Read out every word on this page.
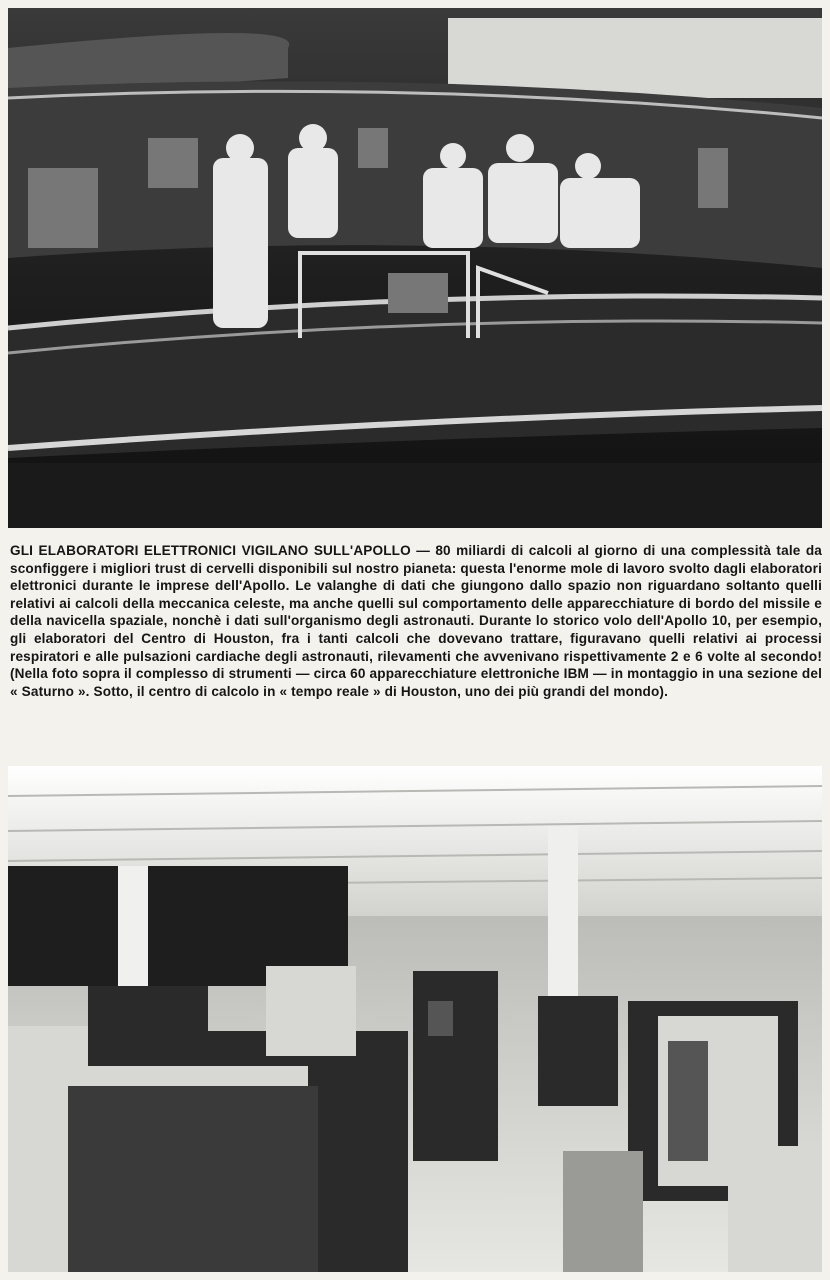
GLI ELABORATORI ELETTRONICI VIGILANO SULL'APOLLO — 80 miliardi di calcoli al giorno di una complessità tale da sconfiggere i migliori trust di cervelli disponibili sul nostro pianeta: questa l'enorme mole di lavoro svolto dagli elaboratori elettronici durante le imprese dell'Apollo. Le valanghe di dati che giungono dallo spazio non riguardano soltanto quelli relativi ai calcoli della meccanica celeste, ma anche quelli sul comportamento delle apparecchiature di bordo del missile e della navicella spaziale, nonchè i dati sull'organismo degli astronauti. Durante lo storico volo dell'Apollo 10, per esempio, gli elaboratori del Centro di Houston, fra i tanti calcoli che dovevano trattare, figuravano quelli relativi ai processi respiratori e alle pulsazioni cardiache degli astronauti, rilevamenti che avvenivano rispettivamente 2 e 6 volte al secondo! (Nella foto sopra il complesso di strumenti — circa 60 apparecchiature elettroniche IBM — in montaggio in una sezione del « Saturno ». Sotto, il centro di calcolo in « tempo reale » di Houston, uno dei più grandi del mondo).
